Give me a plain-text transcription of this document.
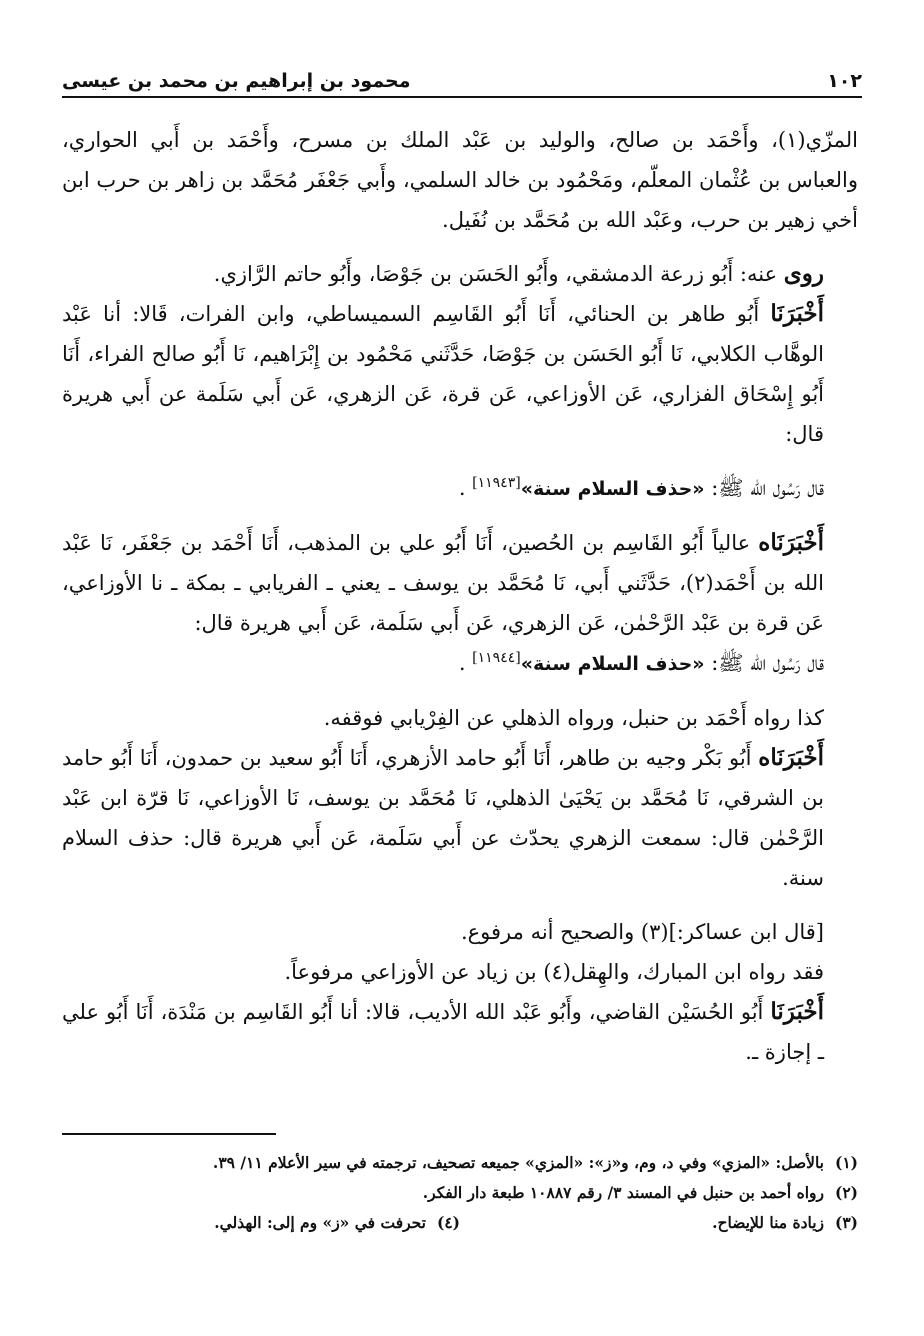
١٠٢
محمود بن إبراهيم بن محمد بن عيسى

المزّي(١)، وأَحْمَد بن صالح، والوليد بن عَبْد الملك بن مسرح، وأَحْمَد بن أَبي الحواري، والعباس بن عُثْمان المعلّم، ومَحْمُود بن خالد السلمي، وأَبي جَعْفَر مُحَمَّد بن زاهر بن حرب ابن أخي زهير بن حرب، وعَبْد الله بن مُحَمَّد بن نُفَيل.

روى عنه: أَبُو زرعة الدمشقي، وأَبُو الحَسَن بن جَوْصَا، وأَبُو حاتم الرَّازي.

أَخْبَرَنَا أَبُو طاهر بن الحنائي، أَنَا أَبُو القَاسِم السميساطي، وابن الفرات، قَالا: أنا عَبْد الوهَّاب الكلابي، نَا أَبُو الحَسَن بن جَوْصَا، حَدَّثَني مَحْمُود بن إِبْرَاهيم، نَا أَبُو صالح الفراء، أَنَا أَبُو إِسْحَاق الفزاري، عَن الأوزاعي، عَن قرة، عَن الزهري، عَن أَبي سَلَمة عن أَبي هريرة قال:

قال رَسُول الله ﷺ: «حذف السلام سنة»[١١٩٤٣] .

أَخْبَرَنَاه عالياً أَبُو القَاسِم بن الحُصين، أَنَا أَبُو علي بن المذهب، أَنَا أَحْمَد بن جَعْفَر، نَا عَبْد الله بن أَحْمَد(٢)، حَدَّثَني أَبي، نَا مُحَمَّد بن يوسف ـ يعني ـ الفريابي ـ بمكة ـ نا الأوزاعي، عَن قرة بن عَبْد الرَّحْمٰن، عَن الزهري، عَن أَبي سَلَمة، عَن أَبي هريرة قال:

قال رَسُول الله ﷺ: «حذف السلام سنة»[١١٩٤٤] .

كذا رواه أَحْمَد بن حنبل، ورواه الذهلي عن الفِرْيابي فوقفه.

أَخْبَرَنَاه أَبُو بَكْر وجيه بن طاهر، أَنَا أَبُو حامد الأزهري، أَنَا أَبُو سعيد بن حمدون، أَنَا أَبُو حامد بن الشرقي، نَا مُحَمَّد بن يَحْيَىٰ الذهلي، نَا مُحَمَّد بن يوسف، نَا الأوزاعي، نَا قرّة ابن عَبْد الرَّحْمٰن قال: سمعت الزهري يحدّث عن أَبي سَلَمة، عَن أَبي هريرة قال: حذف السلام سنة.

[قال ابن عساكر:](٣) والصحيح أنه مرفوع.

فقد رواه ابن المبارك، والهِقل(٤) بن زياد عن الأوزاعي مرفوعاً.

أَخْبَرَنَا أَبُو الحُسَيْن القاضي، وأَبُو عَبْد الله الأديب، قالا: أنا أَبُو القَاسِم بن مَنْدَة، أَنَا أَبُو علي ـ إجازة ـ.

(١)
بالأصل: «المزي» وفي د، وم، و«ز»: «المزي» جميعه تصحيف، ترجمته في سير الأعلام ١١/ ٣٩.
(٢)
رواه أحمد بن حنبل في المسند ٣/ رقم ١٠٨٨٧ طبعة دار الفكر.
(٣)
زيادة منا للإيضاح.
(٤)
تحرفت في «ز» وم إلى: الهذلي.
